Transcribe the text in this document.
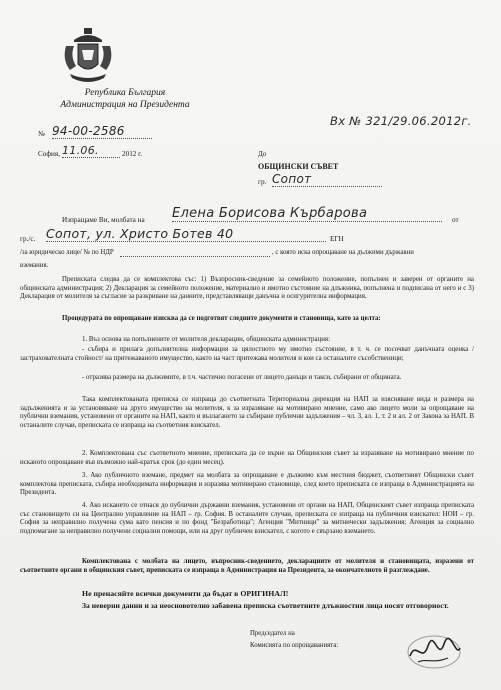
Република България
Администрация на Президента
№ 94-00-2586
София, 11.06.	2012 г.
Вх № 321/29.06.2012г.
До
ОБЩИНСКИ СЪВЕТ
гр. Сопот
Изпращаме Ви, молбата на Елена Борисова Кърбарова	от
гр./с. Сопот, ул. Христо Ботев 40	ЕГН
/за юридическо лице/ № по НДР	, с която иска опрощаване на дължими държавни
вземания.
Преписката следва да се комплектова със: 1) Възпросник-сведение за семейното положение, попълнен и заверен от органите на общинската администрация; 2) Декларация за семейното положение, материално и имотно състояние на длъжника, попълнена и подписана от него и с 3) Декларация от молителя за съгласие за разкриване на данните, представляващи данъчна и осигурителна информация.
Процедурата по опрощаване изисква да се подготвят следните документи и становища, като за целта:
1. Въз основа на попълнените от молителя декларации, общинската администрация:
- събира и прилага допълнителна информация за цялостното му имотно състояние, в т. ч. се посочват данъчната оценка /застрахователната стойност/ на притежаваното имущество, както на част притежава молителя и кои са останалите съсобственици;
- отразява размера на дължимите, в т.ч. частично погасени от лицето данъци и такси, събирани от общината.
Така комплектованата преписка се изпраща до съответната Териториална дирекция на НАП за изясняване вида и размера на задълженията и за установяване на друго имущество на молителя, к за изразяване на мотивирано мнение, само ако лицето моли за опрощаване на публични вземания, установени от органите на НАП, както и възлагането за събиране публични задължения – чл. 3, ал. 1, т. 2 и ал. 2 от Закона за НАП. В останалите случаи, преписката се изпраща на съответния взискател.
2. Комплектована със съответното мнение, преписката да се върне на Общинския съвет за изразяване на мотивирано мнение по исканото опрощаване във възможно най-кратък срок (до един месец).
3. Ако публичното вземане, предмет на молбата за опрощаване е дължимо към местния бюджет, съответният Общински съвет комплектова преписката, събира необходимата информация и изразява мотивирано становище, след което преписката се изпраща в Администрацията на Президента.
4. Ако искането се отнася до публични държавни вземания, установени от органи на НАП, Общинският съвет изпраща преписката със становището си на Централно управление на НАП – гр. София. В останалите случаи, преписката се изпраща на публичния взискател: НОИ – гр. София за неправилно получена сума като пенсия и по фонд "Безработица"; Агенция "Митници" за митнически задължения; Агенция за социално подпомагане за неправилно получени социални помощи, или на друг публичен взискател, с когото е свързано вземането.
Комплектована с молбата на лицето, въпросник-сведението, декларациите от молителя и становищата, изразени от съответните органи в общинския съвет, преписката се изпраща в Администрация на Президента, за окончателното й разглеждане.
Не пренасяйте всички документи да бъдат в ОРИГИНАЛ!
За неверни данни и за неосновотелно забавена преписка съответните длъжностни лица носят отговорност.
Председател на
Комисията по опрощаванията:
